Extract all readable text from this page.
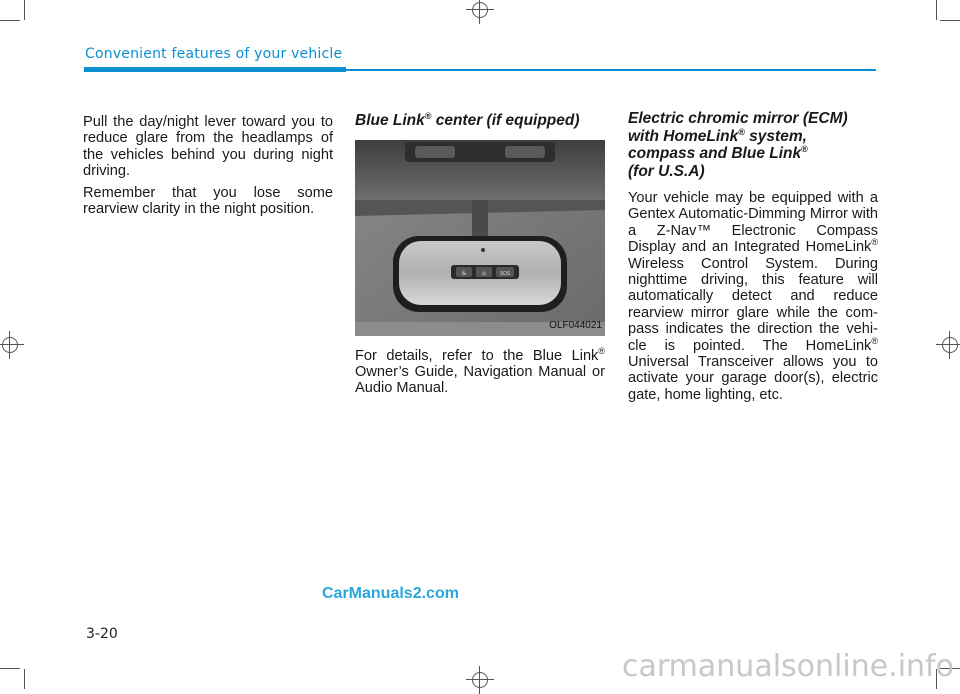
Convenient features of your vehicle

Pull the day/night lever toward you to reduce glare from the headlamps of the vehicles behind you during night driving.

Remember that you lose some rearview clarity in the night position.

Blue Link® center (if equipped)
&	⌂	SOS
OLF044021

For details, refer to the Blue Link® Owner’s Guide, Navigation Manual or Audio Manual.

Electric chromic mirror (ECM)
with HomeLink® system,
compass and Blue Link®
(for U.S.A)

Your vehicle may be equipped with a Gentex Automatic-Dimming Mirror with a Z-Nav™ Electronic Compass Display and an Integrated HomeLink® Wireless Control System. During nighttime driving, this feature will automatically detect and reduce rearview mirror glare while the com-pass indicates the direction the vehi-cle is pointed. The HomeLink® Universal Transceiver allows you to activate your garage door(s), electric gate, home lighting, etc.

CarManuals2.com
3-20
carmanualsonline.info
